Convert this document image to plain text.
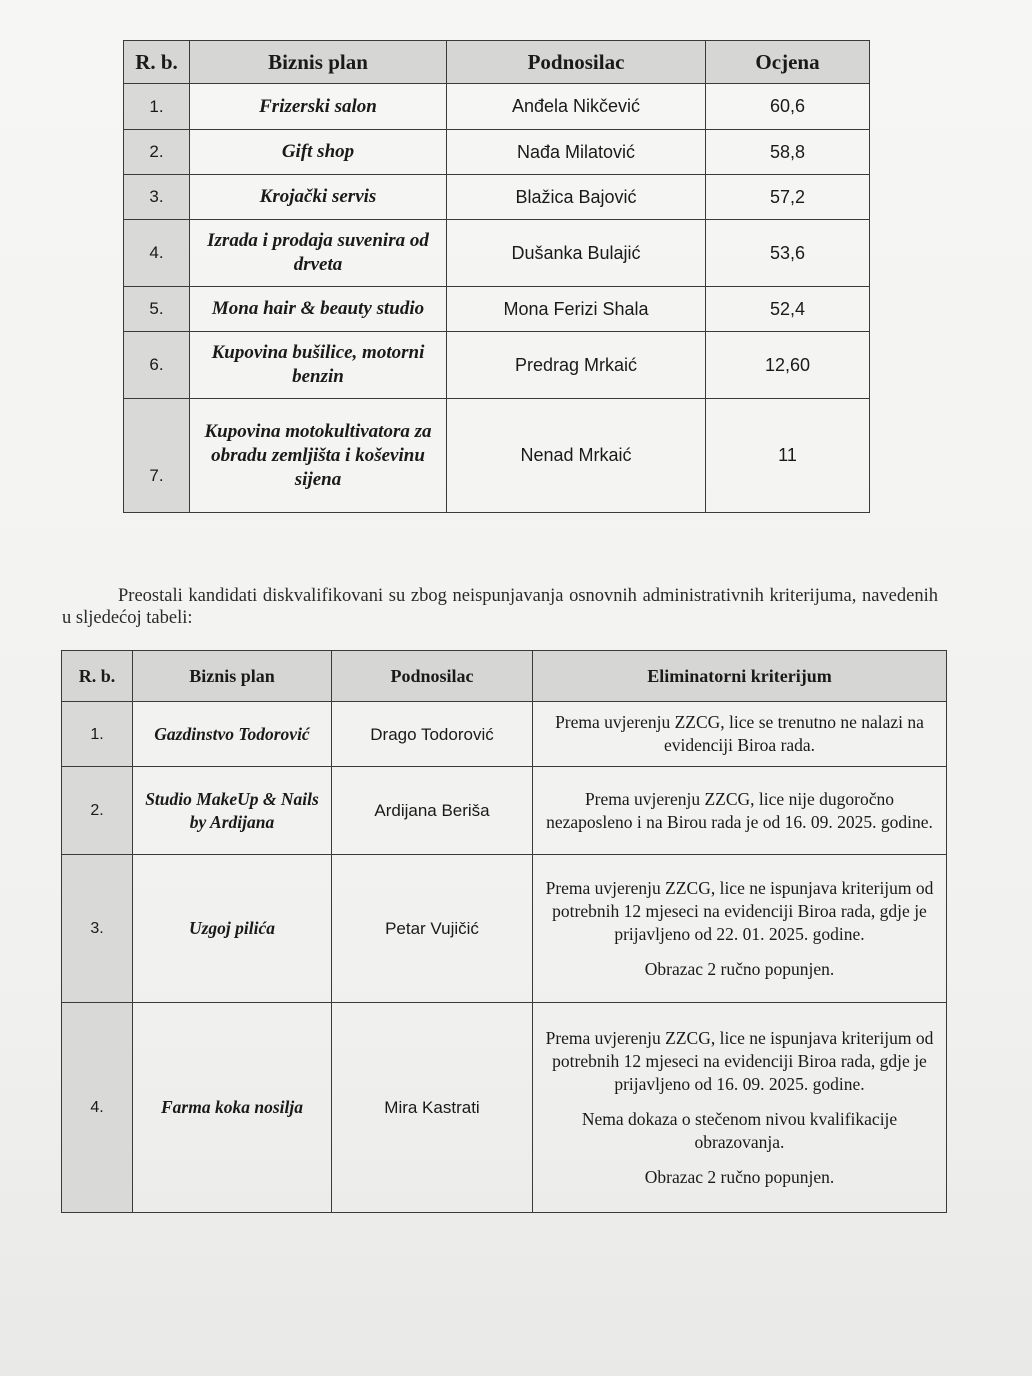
R. b.	Biznis plan	Podnosilac	Ocjena
1.	Frizerski salon	Anđela Nikčević	60,6
2.	Gift shop	Nađa Milatović	58,8
3.	Krojački servis	Blažica Bajović	57,2
4.	Izrada i prodaja suvenira od drveta	Dušanka Bulajić	53,6
5.	Mona hair & beauty studio	Mona Ferizi Shala	52,4
6.	Kupovina bušilice, motorni benzin	Predrag Mrkaić	12,60
7.	Kupovina motokultivatora za obradu zemljišta i koševinu sijena	Nenad Mrkaić	11

Preostali kandidati diskvalifikovani su zbog neispunjavanja osnovnih administrativnih kriterijuma, navedenih u sljedećoj tabeli:

R. b.	Biznis plan	Podnosilac	Eliminatorni kriterijum
1.	Gazdinstvo Todorović	Drago Todorović	Prema uvjerenju ZZCG, lice se trenutno ne nalazi na evidenciji Biroa rada.

2.	Studio MakeUp & Nails by Ardijana	Ardijana Beriša	Prema uvjerenju ZZCG, lice nije dugoročno nezaposleno i na Birou rada je od 16. 09. 2025. godine.

3.	Uzgoj pilića	Petar Vujičić	Prema uvjerenju ZZCG, lice ne ispunjava kriterijum od potrebnih 12 mjeseci na evidenciji Biroa rada, gdje je prijavljeno od 22. 01. 2025. godine.

Obrazac 2 ručno popunjen.

4.	Farma koka nosilja	Mira Kastrati	Prema uvjerenju ZZCG, lice ne ispunjava kriterijum od potrebnih 12 mjeseci na evidenciji Biroa rada, gdje je prijavljeno od 16. 09. 2025. godine.

Nema dokaza o stečenom nivou kvalifikacije obrazovanja.

Obrazac 2 ručno popunjen.
